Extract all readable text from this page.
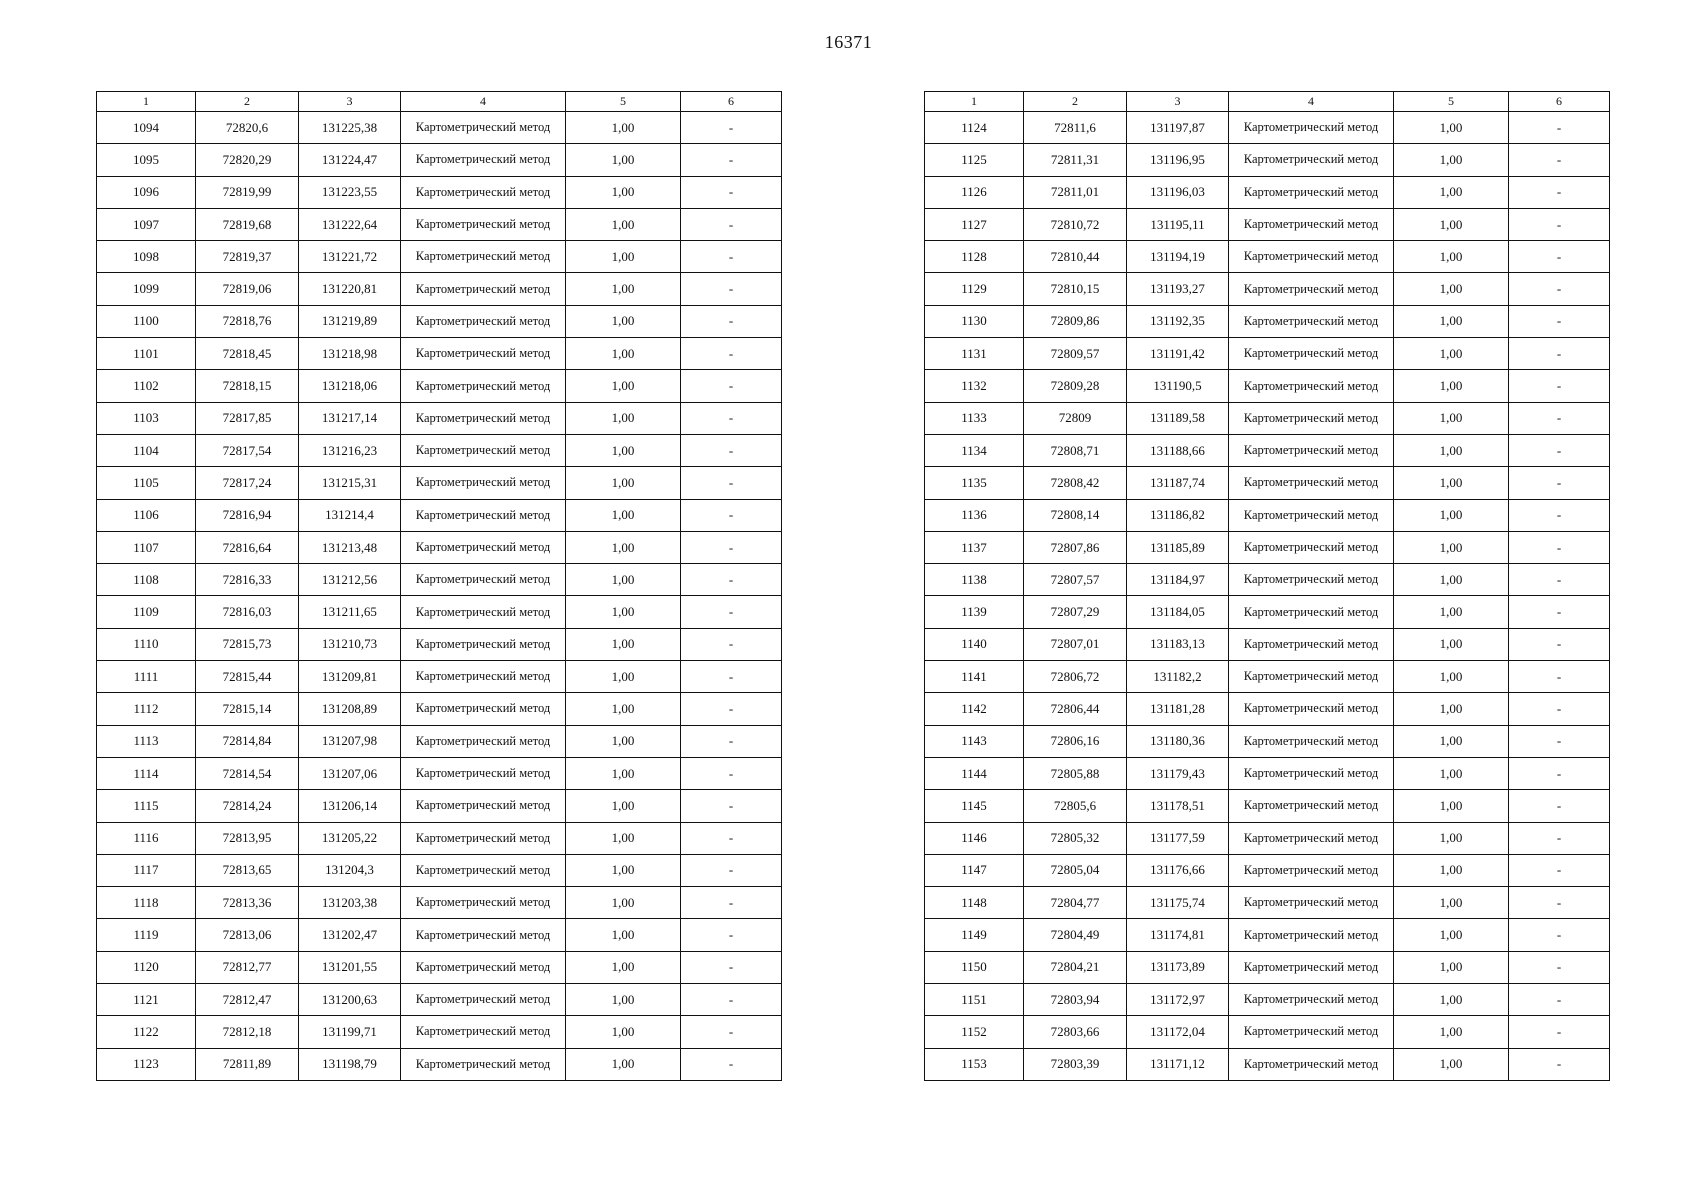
16371
1	2	3	4	5	6
1094	72820,6	131225,38	Картометрический метод	1,00	-
1095	72820,29	131224,47	Картометрический метод	1,00	-
1096	72819,99	131223,55	Картометрический метод	1,00	-
1097	72819,68	131222,64	Картометрический метод	1,00	-
1098	72819,37	131221,72	Картометрический метод	1,00	-
1099	72819,06	131220,81	Картометрический метод	1,00	-
1100	72818,76	131219,89	Картометрический метод	1,00	-
1101	72818,45	131218,98	Картометрический метод	1,00	-
1102	72818,15	131218,06	Картометрический метод	1,00	-
1103	72817,85	131217,14	Картометрический метод	1,00	-
1104	72817,54	131216,23	Картометрический метод	1,00	-
1105	72817,24	131215,31	Картометрический метод	1,00	-
1106	72816,94	131214,4	Картометрический метод	1,00	-
1107	72816,64	131213,48	Картометрический метод	1,00	-
1108	72816,33	131212,56	Картометрический метод	1,00	-
1109	72816,03	131211,65	Картометрический метод	1,00	-
1110	72815,73	131210,73	Картометрический метод	1,00	-
1111	72815,44	131209,81	Картометрический метод	1,00	-
1112	72815,14	131208,89	Картометрический метод	1,00	-
1113	72814,84	131207,98	Картометрический метод	1,00	-
1114	72814,54	131207,06	Картометрический метод	1,00	-
1115	72814,24	131206,14	Картометрический метод	1,00	-
1116	72813,95	131205,22	Картометрический метод	1,00	-
1117	72813,65	131204,3	Картометрический метод	1,00	-
1118	72813,36	131203,38	Картометрический метод	1,00	-
1119	72813,06	131202,47	Картометрический метод	1,00	-
1120	72812,77	131201,55	Картометрический метод	1,00	-
1121	72812,47	131200,63	Картометрический метод	1,00	-
1122	72812,18	131199,71	Картометрический метод	1,00	-
1123	72811,89	131198,79	Картометрический метод	1,00	-
1	2	3	4	5	6
1124	72811,6	131197,87	Картометрический метод	1,00	-
1125	72811,31	131196,95	Картометрический метод	1,00	-
1126	72811,01	131196,03	Картометрический метод	1,00	-
1127	72810,72	131195,11	Картометрический метод	1,00	-
1128	72810,44	131194,19	Картометрический метод	1,00	-
1129	72810,15	131193,27	Картометрический метод	1,00	-
1130	72809,86	131192,35	Картометрический метод	1,00	-
1131	72809,57	131191,42	Картометрический метод	1,00	-
1132	72809,28	131190,5	Картометрический метод	1,00	-
1133	72809	131189,58	Картометрический метод	1,00	-
1134	72808,71	131188,66	Картометрический метод	1,00	-
1135	72808,42	131187,74	Картометрический метод	1,00	-
1136	72808,14	131186,82	Картометрический метод	1,00	-
1137	72807,86	131185,89	Картометрический метод	1,00	-
1138	72807,57	131184,97	Картометрический метод	1,00	-
1139	72807,29	131184,05	Картометрический метод	1,00	-
1140	72807,01	131183,13	Картометрический метод	1,00	-
1141	72806,72	131182,2	Картометрический метод	1,00	-
1142	72806,44	131181,28	Картометрический метод	1,00	-
1143	72806,16	131180,36	Картометрический метод	1,00	-
1144	72805,88	131179,43	Картометрический метод	1,00	-
1145	72805,6	131178,51	Картометрический метод	1,00	-
1146	72805,32	131177,59	Картометрический метод	1,00	-
1147	72805,04	131176,66	Картометрический метод	1,00	-
1148	72804,77	131175,74	Картометрический метод	1,00	-
1149	72804,49	131174,81	Картометрический метод	1,00	-
1150	72804,21	131173,89	Картометрический метод	1,00	-
1151	72803,94	131172,97	Картометрический метод	1,00	-
1152	72803,66	131172,04	Картометрический метод	1,00	-
1153	72803,39	131171,12	Картометрический метод	1,00	-
